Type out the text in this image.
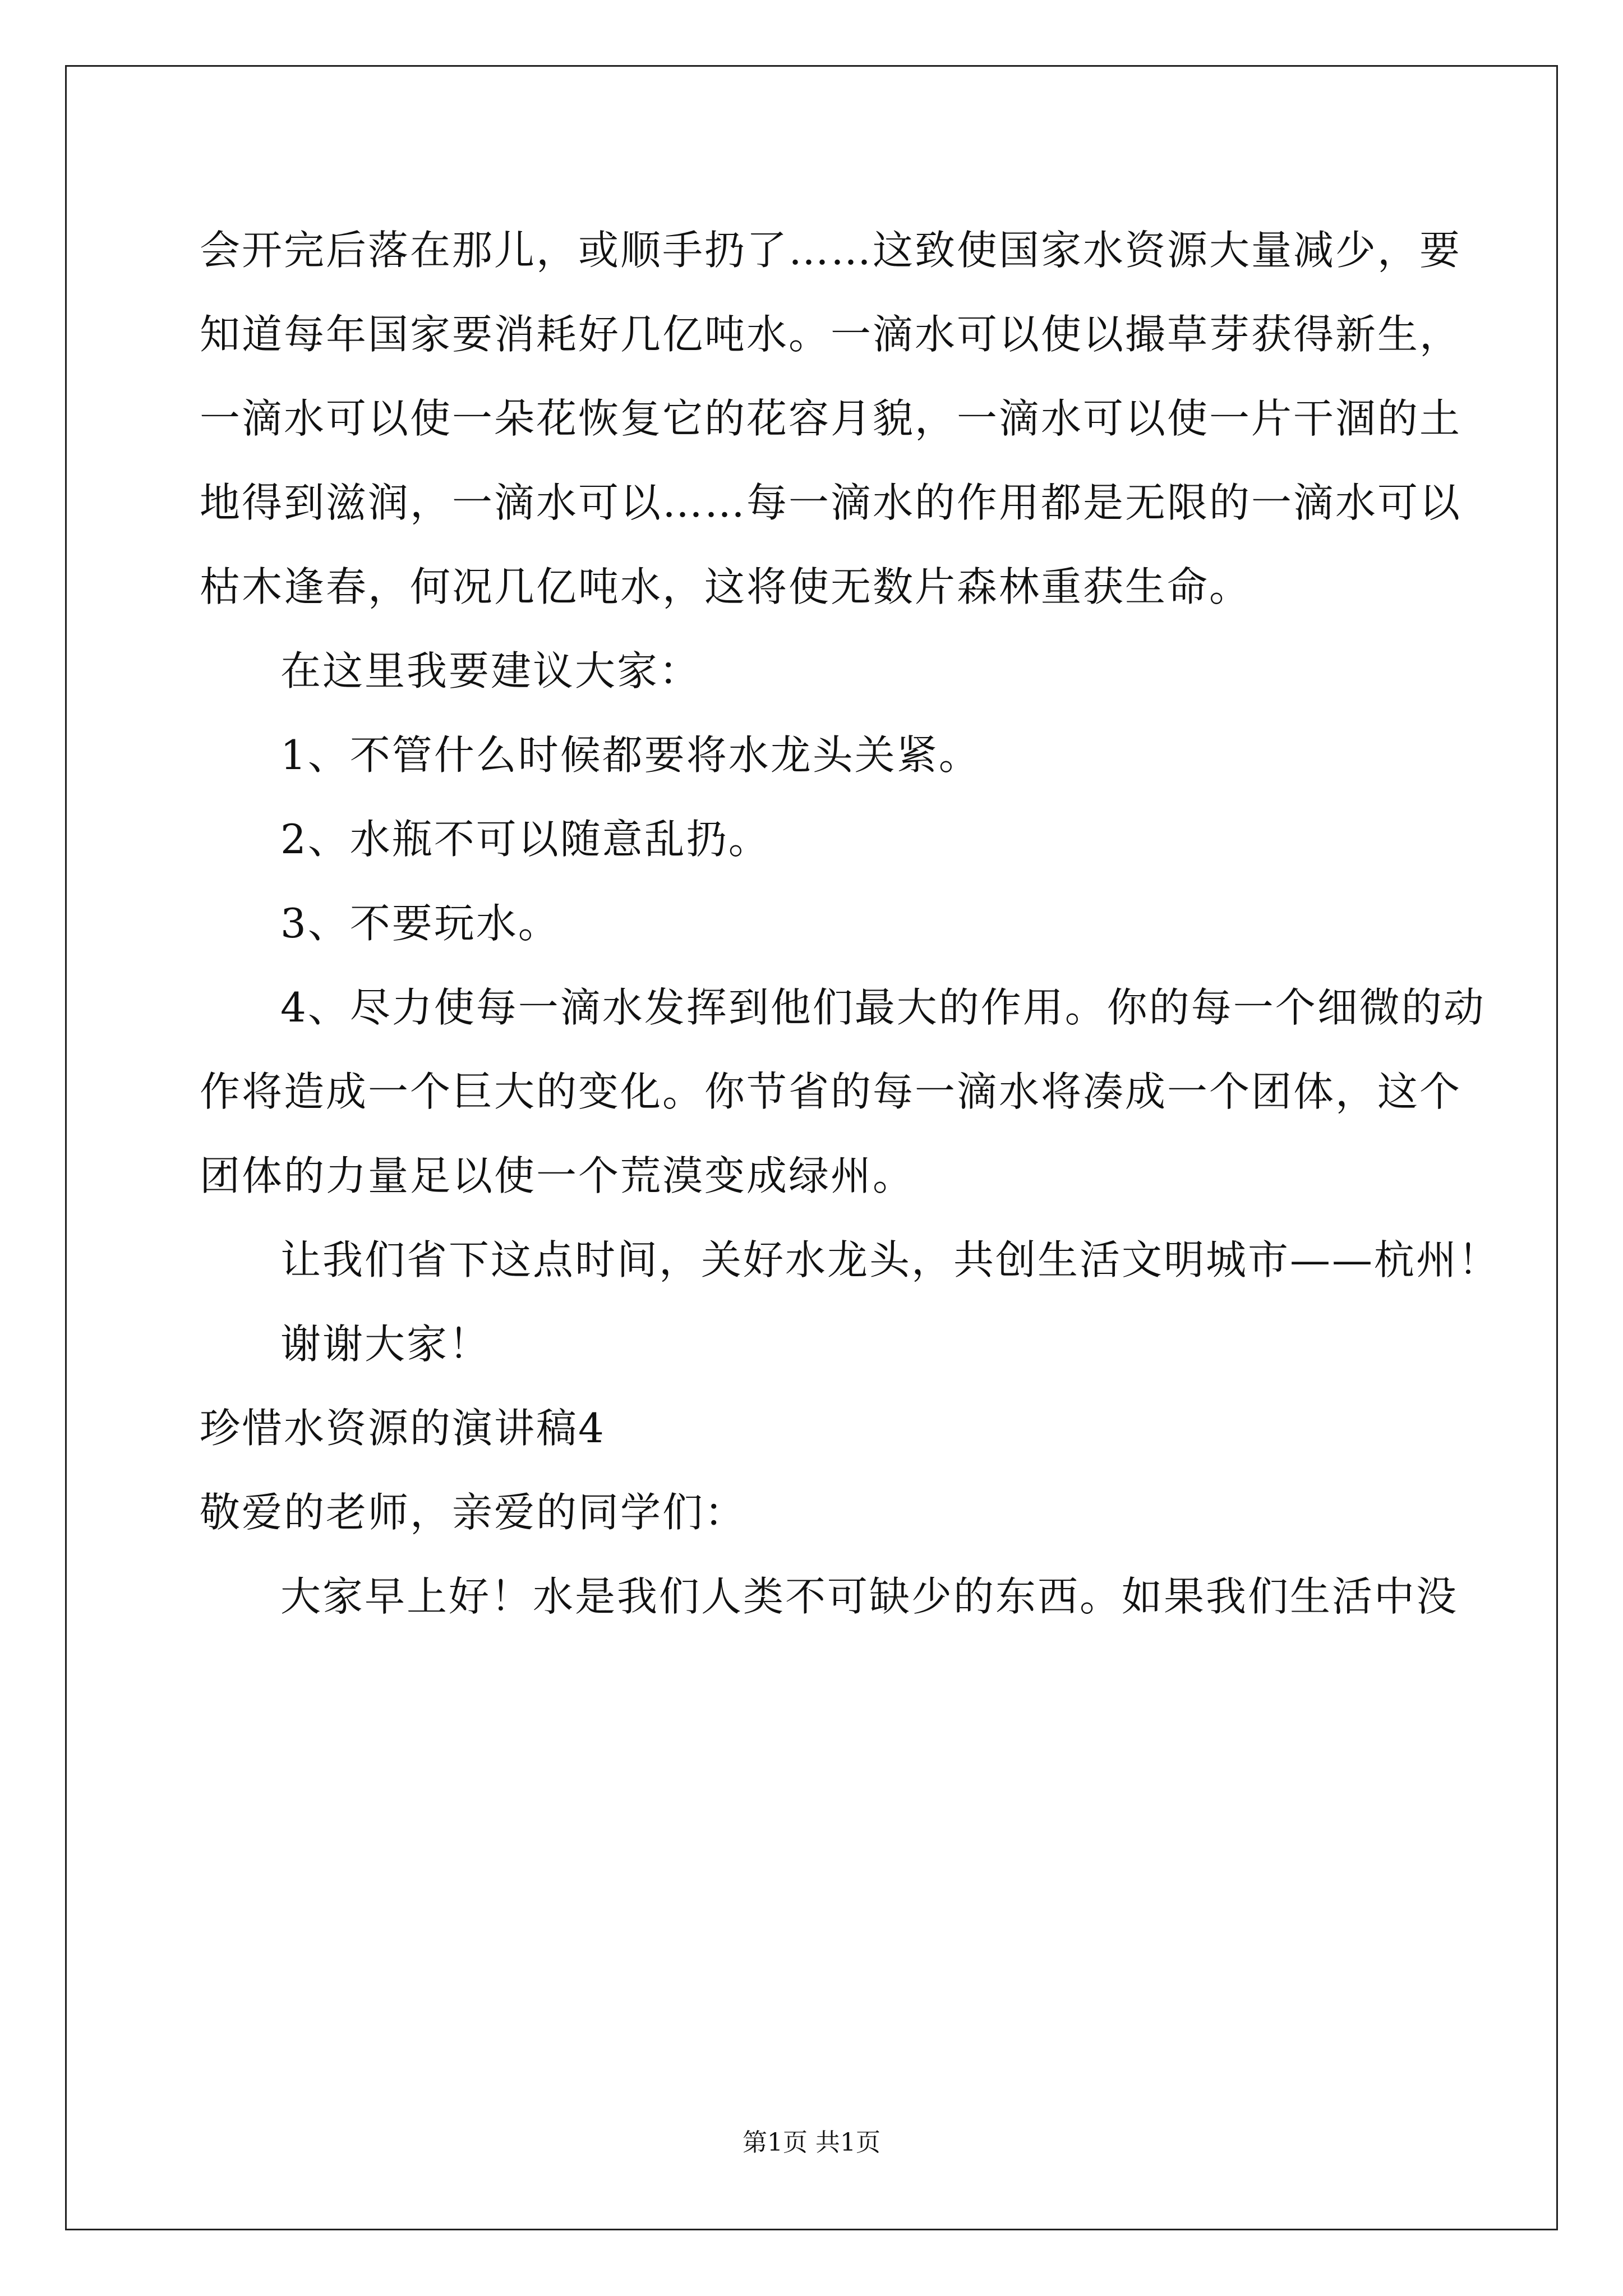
会开完后落在那儿，或顺手扔了……这致使国家水资源大量减少，要
知道每年国家要消耗好几亿吨水。一滴水可以使以撮草芽获得新生，
一滴水可以使一朵花恢复它的花容月貌，一滴水可以使一片干涸的土
地得到滋润，一滴水可以……每一滴水的作用都是无限的一滴水可以
枯木逢春，何况几亿吨水，这将使无数片森林重获生命。
在这里我要建议大家：
1、不管什么时候都要将水龙头关紧。
2、水瓶不可以随意乱扔。
3、不要玩水。
4、尽力使每一滴水发挥到他们最大的作用。你的每一个细微的动
作将造成一个巨大的变化。你节省的每一滴水将凑成一个团体，这个
团体的力量足以使一个荒漠变成绿州。
让我们省下这点时间，关好水龙头，共创生活文明城市——杭州！
谢谢大家！
珍惜水资源的演讲稿4
敬爱的老师，亲爱的同学们：
大家早上好！水是我们人类不可缺少的东西。如果我们生活中没
第1页 共1页
